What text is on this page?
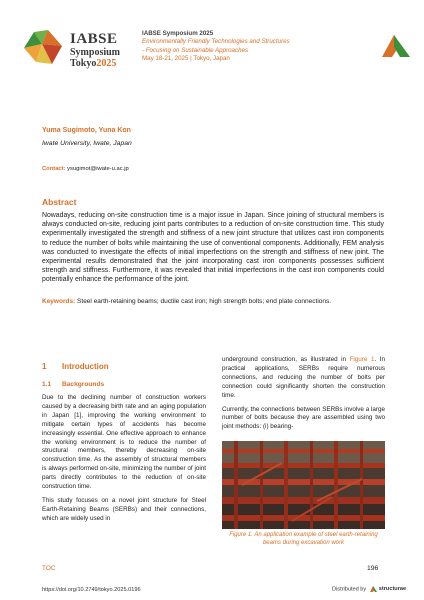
IABSE
Symposium
Tokyo2025
IABSE Symposium 2025
Environmentally Friendly Technologies and Structures
- Focusing on Sustainable Approaches
May 18-21, 2025 | Tokyo, Japan
Yuma Sugimoto, Yuna Kon
Iwate University, Iwate, Japan
Contact: ysugimot@iwate-u.ac.jp
Abstract
Nowadays, reducing on-site construction time is a major issue in Japan. Since joining of structural members is always conducted on-site, reducing joint parts contributes to a reduction of on-site construction time. This study experimentally investigated the strength and stiffness of a new joint structure that utilizes cast iron components to reduce the number of bolts while maintaining the use of conventional components. Additionally, FEM analysis was conducted to investigate the effects of initial imperfections on the strength and stiffness of new joint. The experimental results demonstrated that the joint incorporating cast iron components possesses sufficient strength and stiffness. Furthermore, it was revealed that initial imperfections in the cast iron components could potentially enhance the performance of the joint.
Keywords: Steel earth-retaining beams; ductile cast iron; high strength bolts; end plate connections.
1 Introduction
1.1 Backgrounds

Due to the declining number of construction workers caused by a decreasing birth rate and an aging population in Japan [1], improving the working environment to mitigate certain types of accidents has become increasingly essential. One effective approach to enhance the working environment is to reduce the number of structural members, thereby decreasing on-site construction time. As the assembly of structural members is always performed on-site, minimizing the number of joint parts directly contributes to the reduction of on-site construction time.

This study focuses on a novel joint structure for Steel Earth-Retaining Beams (SERBs) and their connections, which are widely used in

underground construction, as illustrated in Figure 1. In practical applications, SERBs require numerous connections, and reducing the number of bolts per connection could significantly shorten the construction time.

Currently, the connections between SERBs involve a large number of bolts because they are assembled using two joint methods: (i) bearing-

Figure 1. An application example of steel earth-retaining beams during excavation work
TOC	196
https://doi.org/10.2749/tokyo.2025.0196	Distributed by structurae
